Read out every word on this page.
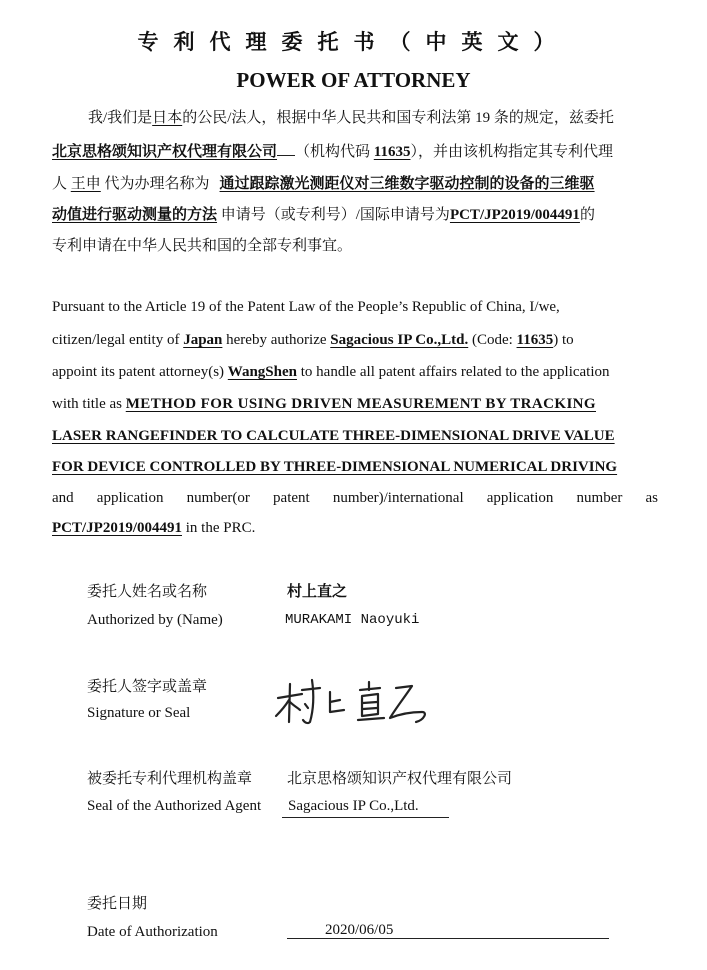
专利代理委托书（中英文）
POWER OF ATTORNEY
我/我们是日本的公民/法人，根据中华人民共和国专利法第 19 条的规定，兹委托
北京思格颂知识产权代理有限公司 （机构代码 11635），并由该机构指定其专利代理
人 王申 代为办理名称为 通过跟踪激光测距仪对三维数字驱动控制的设备的三维驱
动值进行驱动测量的方法 申请号（或专利号）/国际申请号为PCT/JP2019/004491的
专利申请在中华人民共和国的全部专利事宜。
Pursuant to the Article 19 of the Patent Law of the People’s Republic of China, I/we,
citizen/legal entity of Japan hereby authorize Sagacious IP Co.,Ltd. (Code: 11635) to
appoint its patent attorney(s) WangShen to handle all patent affairs related to the application
with title as METHOD FOR USING DRIVEN MEASUREMENT BY TRACKING
LASER RANGEFINDER TO CALCULATE THREE-DIMENSIONAL DRIVE VALUE
FOR DEVICE CONTROLLED BY THREE-DIMENSIONAL NUMERICAL DRIVING
and application number(or patent number)/international application number as
PCT/JP2019/004491 in the PRC.
委托人姓名或名称	村上直之
Authorized by (Name)	MURAKAMI Naoyuki
委托人签字或盖章
Signature or Seal
被委托专利代理机构盖章 北京思格颂知识产权代理有限公司
Seal of the Authorized Agent	Sagacious IP Co.,Ltd.
委托日期
Date of Authorization	2020/06/05
